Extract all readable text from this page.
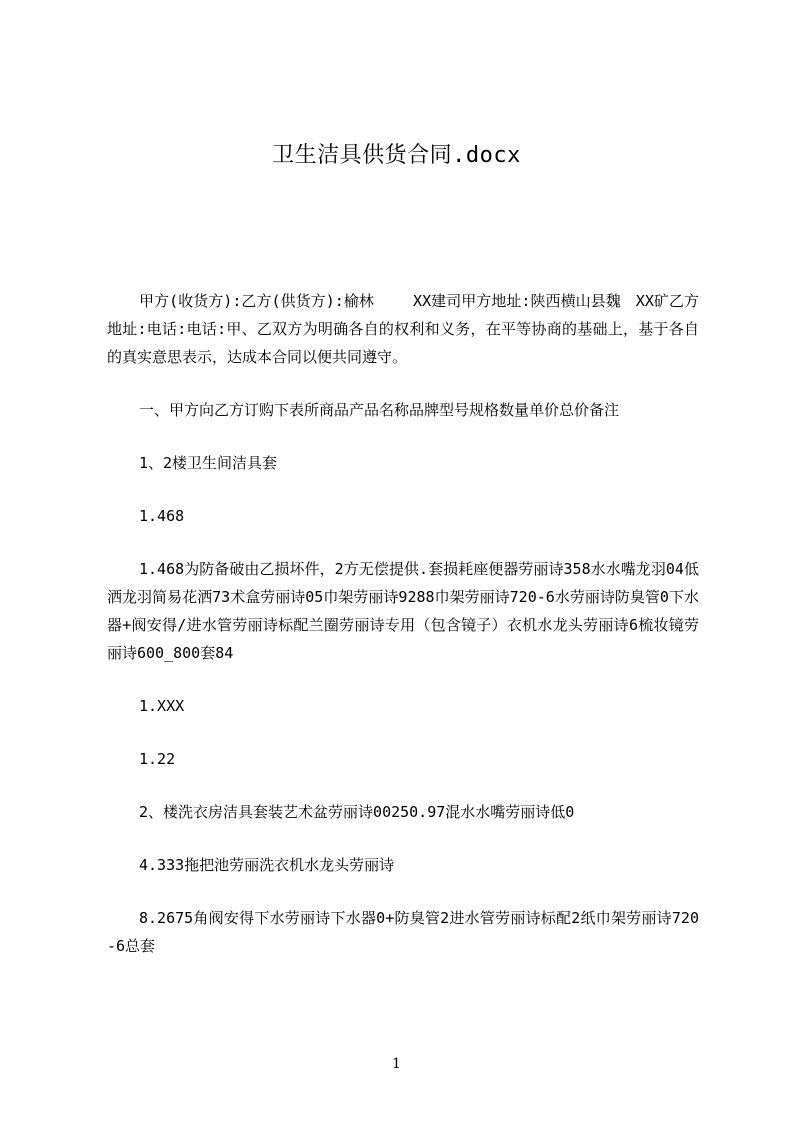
卫生洁具供货合同.docx

甲方(收货方):乙方(供货方):榆林　　 XX建司甲方地址:陕西横山县魏　XX矿乙方地址:电话:电话:甲、乙双方为明确各自的权利和义务，在平等协商的基础上，基于各自的真实意思表示，达成本合同以便共同遵守。

一、甲方向乙方订购下表所商品产品名称品牌型号规格数量单价总价备注

1、2楼卫生间洁具套

1.468

1.468为防备破由乙损坏件，2方无偿提供.套损耗座便器劳丽诗358水水嘴龙羽04低洒龙羽简易花洒73术盒劳丽诗05巾架劳丽诗9288巾架劳丽诗720-6水劳丽诗防臭管0下水器+阀安得/进水管劳丽诗标配兰圈劳丽诗专用（包含镜子）衣机水龙头劳丽诗6梳妆镜劳丽诗600_800套84

1.XXX

1.22

2、楼洗衣房洁具套装艺术盆劳丽诗00250.97混水水嘴劳丽诗低0

4.333拖把池劳丽洗衣机水龙头劳丽诗

8.2675角阀安得下水劳丽诗下水器0+防臭管2进水管劳丽诗标配2纸巾架劳丽诗720-6总套

1
